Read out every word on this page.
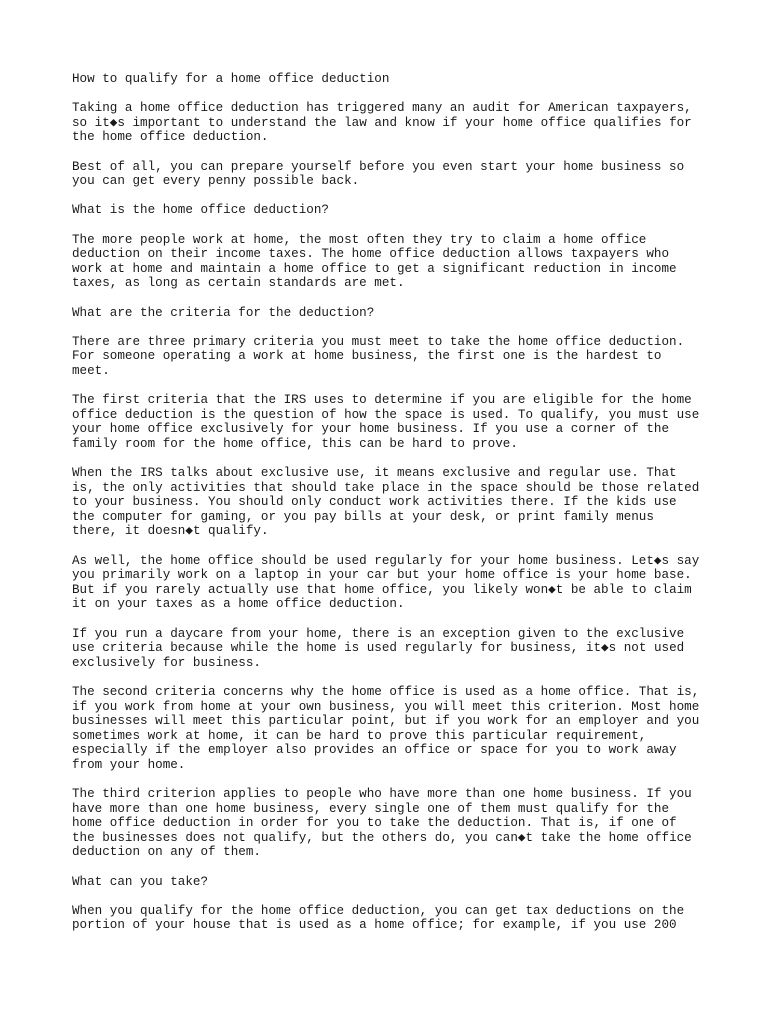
How to qualify for a home office deduction

Taking a home office deduction has triggered many an audit for American taxpayers,
so it◆s important to understand the law and know if your home office qualifies for
the home office deduction.

Best of all, you can prepare yourself before you even start your home business so
you can get every penny possible back.

What is the home office deduction?

The more people work at home, the most often they try to claim a home office
deduction on their income taxes. The home office deduction allows taxpayers who
work at home and maintain a home office to get a significant reduction in income
taxes, as long as certain standards are met.

What are the criteria for the deduction?

There are three primary criteria you must meet to take the home office deduction.
For someone operating a work at home business, the first one is the hardest to
meet.

The first criteria that the IRS uses to determine if you are eligible for the home
office deduction is the question of how the space is used. To qualify, you must use
your home office exclusively for your home business. If you use a corner of the
family room for the home office, this can be hard to prove.

When the IRS talks about exclusive use, it means exclusive and regular use. That
is, the only activities that should take place in the space should be those related
to your business. You should only conduct work activities there. If the kids use
the computer for gaming, or you pay bills at your desk, or print family menus
there, it doesn◆t qualify.

As well, the home office should be used regularly for your home business. Let◆s say
you primarily work on a laptop in your car but your home office is your home base.
But if you rarely actually use that home office, you likely won◆t be able to claim
it on your taxes as a home office deduction.

If you run a daycare from your home, there is an exception given to the exclusive
use criteria because while the home is used regularly for business, it◆s not used
exclusively for business.

The second criteria concerns why the home office is used as a home office. That is,
if you work from home at your own business, you will meet this criterion. Most home
businesses will meet this particular point, but if you work for an employer and you
sometimes work at home, it can be hard to prove this particular requirement,
especially if the employer also provides an office or space for you to work away
from your home.

The third criterion applies to people who have more than one home business. If you
have more than one home business, every single one of them must qualify for the
home office deduction in order for you to take the deduction. That is, if one of
the businesses does not qualify, but the others do, you can◆t take the home office
deduction on any of them.

What can you take?

When you qualify for the home office deduction, you can get tax deductions on the
portion of your house that is used as a home office; for example, if you use 200
